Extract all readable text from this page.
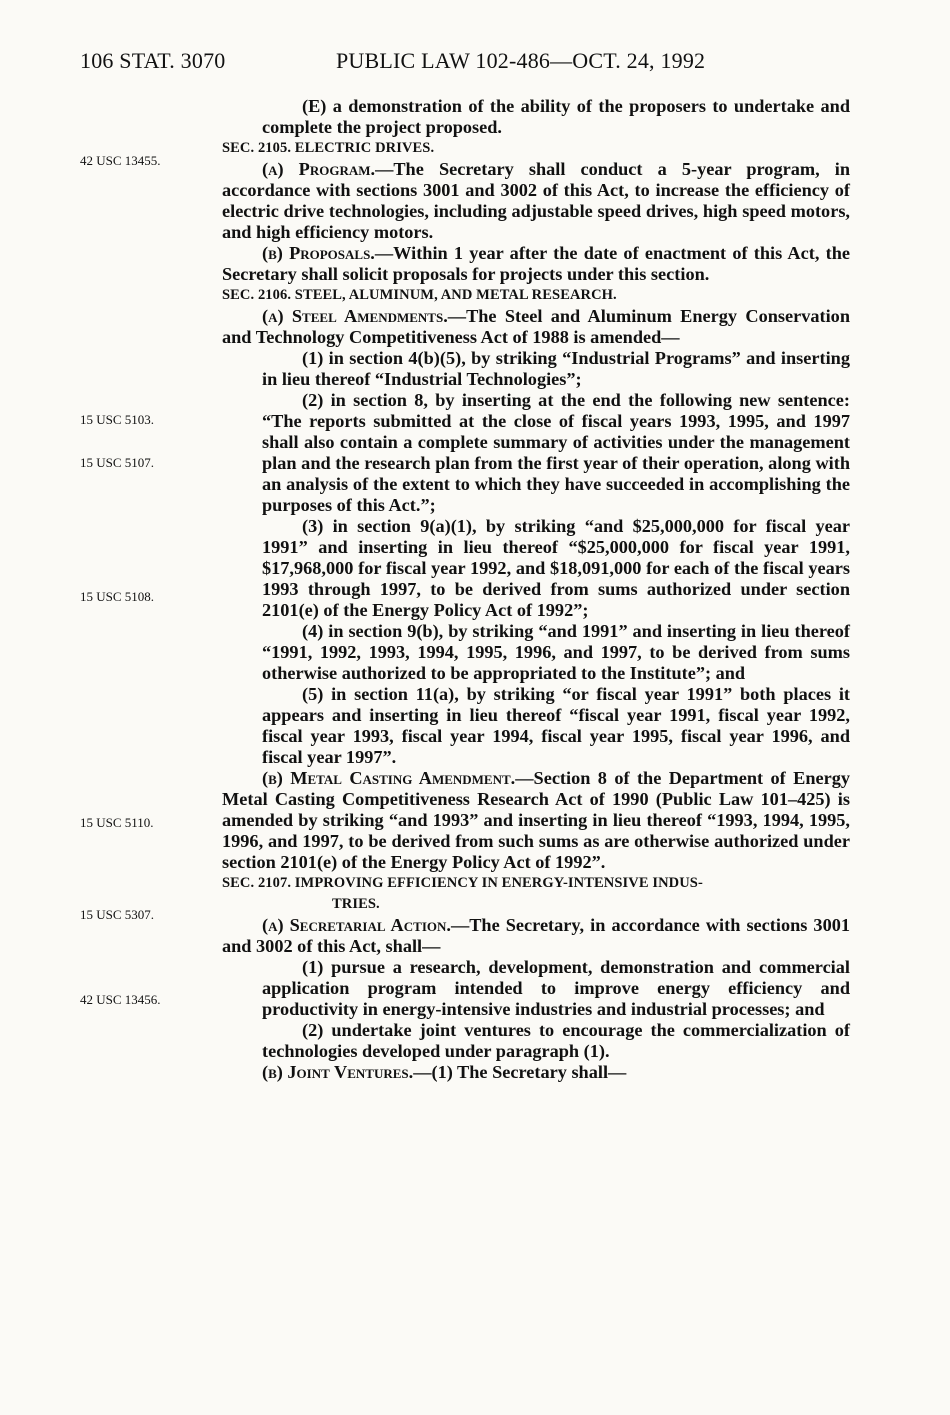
106 STAT. 3070	PUBLIC LAW 102-486—OCT. 24, 1992
42 USC 13455.
15 USC 5103.
15 USC 5107.
15 USC 5108.
15 USC 5110.
15 USC 5307.
42 USC 13456.

(E) a demonstration of the ability of the proposers to undertake and complete the project proposed.

SEC. 2105. ELECTRIC DRIVES.

(a) Program.—The Secretary shall conduct a 5-year program, in accordance with sections 3001 and 3002 of this Act, to increase the efficiency of electric drive technologies, including adjustable speed drives, high speed motors, and high efficiency motors.

(b) Proposals.—Within 1 year after the date of enactment of this Act, the Secretary shall solicit proposals for projects under this section.

SEC. 2106. STEEL, ALUMINUM, AND METAL RESEARCH.

(a) Steel Amendments.—The Steel and Aluminum Energy Conservation and Technology Competitiveness Act of 1988 is amended—

(1) in section 4(b)(5), by striking “Industrial Programs” and inserting in lieu thereof “Industrial Technologies”;

(2) in section 8, by inserting at the end the following new sentence: “The reports submitted at the close of fiscal years 1993, 1995, and 1997 shall also contain a complete summary of activities under the management plan and the research plan from the first year of their operation, along with an analysis of the extent to which they have succeeded in accomplishing the purposes of this Act.”;

(3) in section 9(a)(1), by striking “and $25,000,000 for fiscal year 1991” and inserting in lieu thereof “$25,000,000 for fiscal year 1991, $17,968,000 for fiscal year 1992, and $18,091,000 for each of the fiscal years 1993 through 1997, to be derived from sums authorized under section 2101(e) of the Energy Policy Act of 1992”;

(4) in section 9(b), by striking “and 1991” and inserting in lieu thereof “1991, 1992, 1993, 1994, 1995, 1996, and 1997, to be derived from sums otherwise authorized to be appropriated to the Institute”; and

(5) in section 11(a), by striking “or fiscal year 1991” both places it appears and inserting in lieu thereof “fiscal year 1991, fiscal year 1992, fiscal year 1993, fiscal year 1994, fiscal year 1995, fiscal year 1996, and fiscal year 1997”.

(b) Metal Casting Amendment.—Section 8 of the Department of Energy Metal Casting Competitiveness Research Act of 1990 (Public Law 101–425) is amended by striking “and 1993” and inserting in lieu thereof “1993, 1994, 1995, 1996, and 1997, to be derived from such sums as are otherwise authorized under section 2101(e) of the Energy Policy Act of 1992”.

SEC. 2107. IMPROVING EFFICIENCY IN ENERGY-INTENSIVE INDUS-

TRIES.

(a) Secretarial Action.—The Secretary, in accordance with sections 3001 and 3002 of this Act, shall—

(1) pursue a research, development, demonstration and commercial application program intended to improve energy efficiency and productivity in energy-intensive industries and industrial processes; and

(2) undertake joint ventures to encourage the commercialization of technologies developed under paragraph (1).

(b) Joint Ventures.—(1) The Secretary shall—
